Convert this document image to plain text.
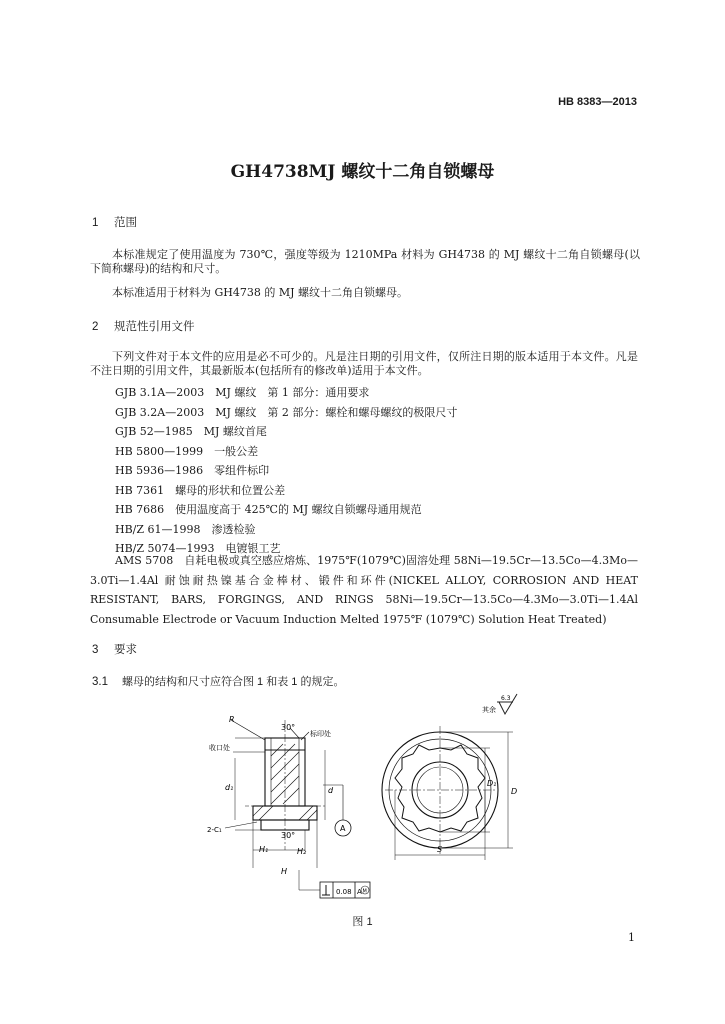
HB 8383—2013
GH4738MJ 螺纹十二角自锁螺母
1 范围
本标准规定了使用温度为 730℃，强度等级为 1210MPa 材料为 GH4738 的 MJ 螺纹十二角自锁螺母(以下简称螺母)的结构和尺寸。
本标准适用于材料为 GH4738 的 MJ 螺纹十二角自锁螺母。
2 规范性引用文件
下列文件对于本文件的应用是必不可少的。凡是注日期的引用文件，仅所注日期的版本适用于本文件。凡是不注日期的引用文件，其最新版本(包括所有的修改单)适用于本文件。
GJB 3.1A—2003　MJ 螺纹　第 1 部分：通用要求
GJB 3.2A—2003　MJ 螺纹　第 2 部分：螺栓和螺母螺纹的极限尺寸
GJB 52—1985　MJ 螺纹首尾
HB 5800—1999　一般公差
HB 5936—1986　零组件标印
HB 7361　螺母的形状和位置公差
HB 7686　使用温度高于 425℃的 MJ 螺纹自锁螺母通用规范
HB/Z 61—1998　渗透检验
HB/Z 5074—1993　电镀银工艺
AMS 5708　自耗电极或真空感应熔炼、1975℉(1079℃)固溶处理 58Ni—19.5Cr—13.5Co—4.3Mo—3.0Ti—1.4Al 耐蚀耐热镍基合金棒材、锻件和环件(NICKEL ALLOY, CORROSION AND HEAT RESISTANT, BARS, FORGINGS, AND RINGS 58Ni—19.5Cr—13.5Co—4.3Mo—3.0Ti—1.4Al Consumable Electrode or Vacuum Induction Melted 1975℉ (1079℃) Solution Heat Treated)
3 要求
3.1 螺母的结构和尺寸应符合图 1 和表 1 的规定。
其余
6.3
R
30°
标印处
收口处
d₁	d
2-C₁
30°
H₁	H₂
H
A
0.08 A M
D₁
D
S
图 1
1
